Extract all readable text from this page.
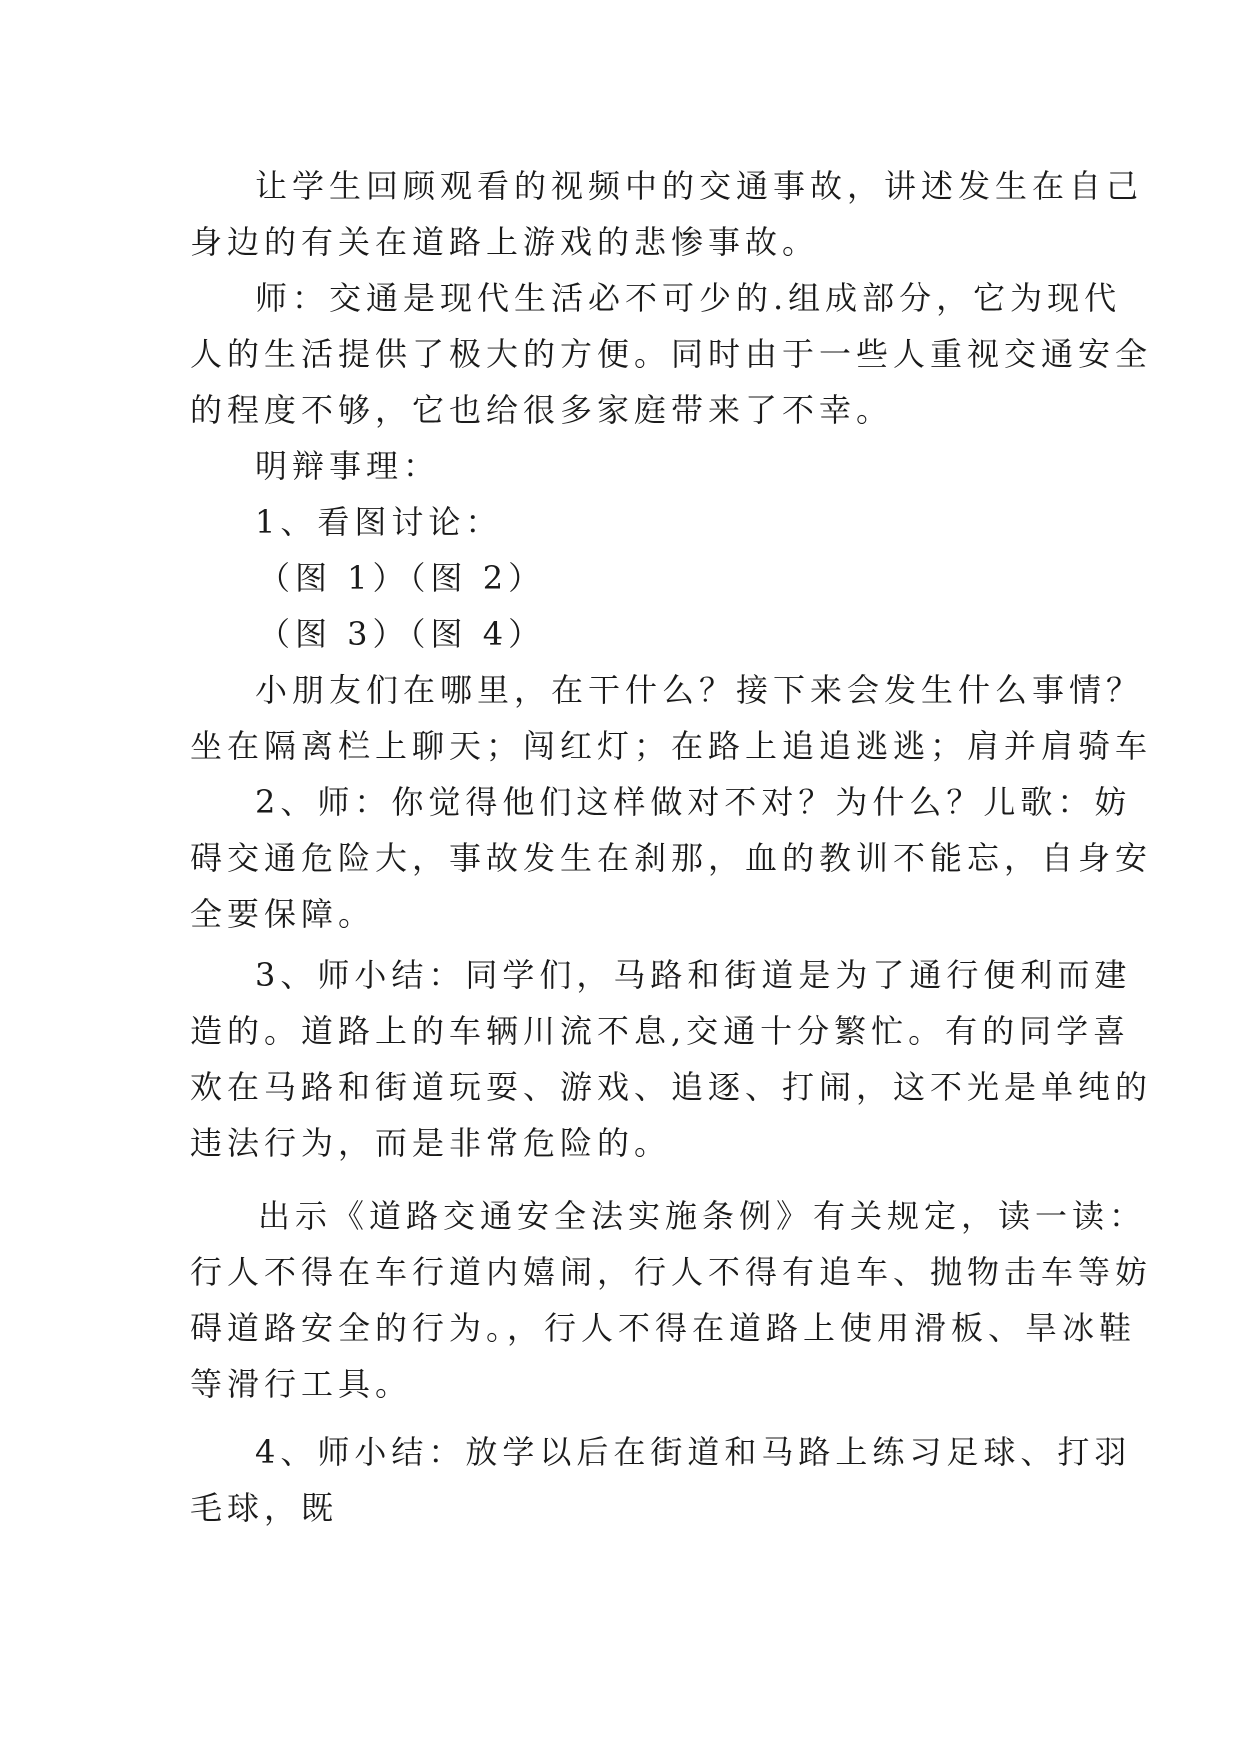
让学生回顾观看的视频中的交通事故，讲述发生在自己
身边的有关在道路上游戏的悲惨事故。
师：交通是现代生活必不可少的.组成部分，它为现代
人的生活提供了极大的方便。同时由于一些人重视交通安全
的程度不够，它也给很多家庭带来了不幸。
明辩事理：
1、看图讨论：
（图 1）（图 2）
（图 3）（图 4）
小朋友们在哪里，在干什么？接下来会发生什么事情？
坐在隔离栏上聊天；闯红灯；在路上追追逃逃；肩并肩骑车
2、师：你觉得他们这样做对不对？为什么？儿歌：妨
碍交通危险大，事故发生在刹那，血的教训不能忘，自身安
全要保障。
3、师小结：同学们，马路和街道是为了通行便利而建
造的。道路上的车辆川流不息,交通十分繁忙。有的同学喜
欢在马路和街道玩耍、游戏、追逐、打闹，这不光是单纯的
违法行为，而是非常危险的。
出示《道路交通安全法实施条例》有关规定，读一读：
行人不得在车行道内嬉闹，行人不得有追车、抛物击车等妨
碍道路安全的行为。，行人不得在道路上使用滑板、旱冰鞋
等滑行工具。
4、师小结：放学以后在街道和马路上练习足球、打羽
毛球，既
